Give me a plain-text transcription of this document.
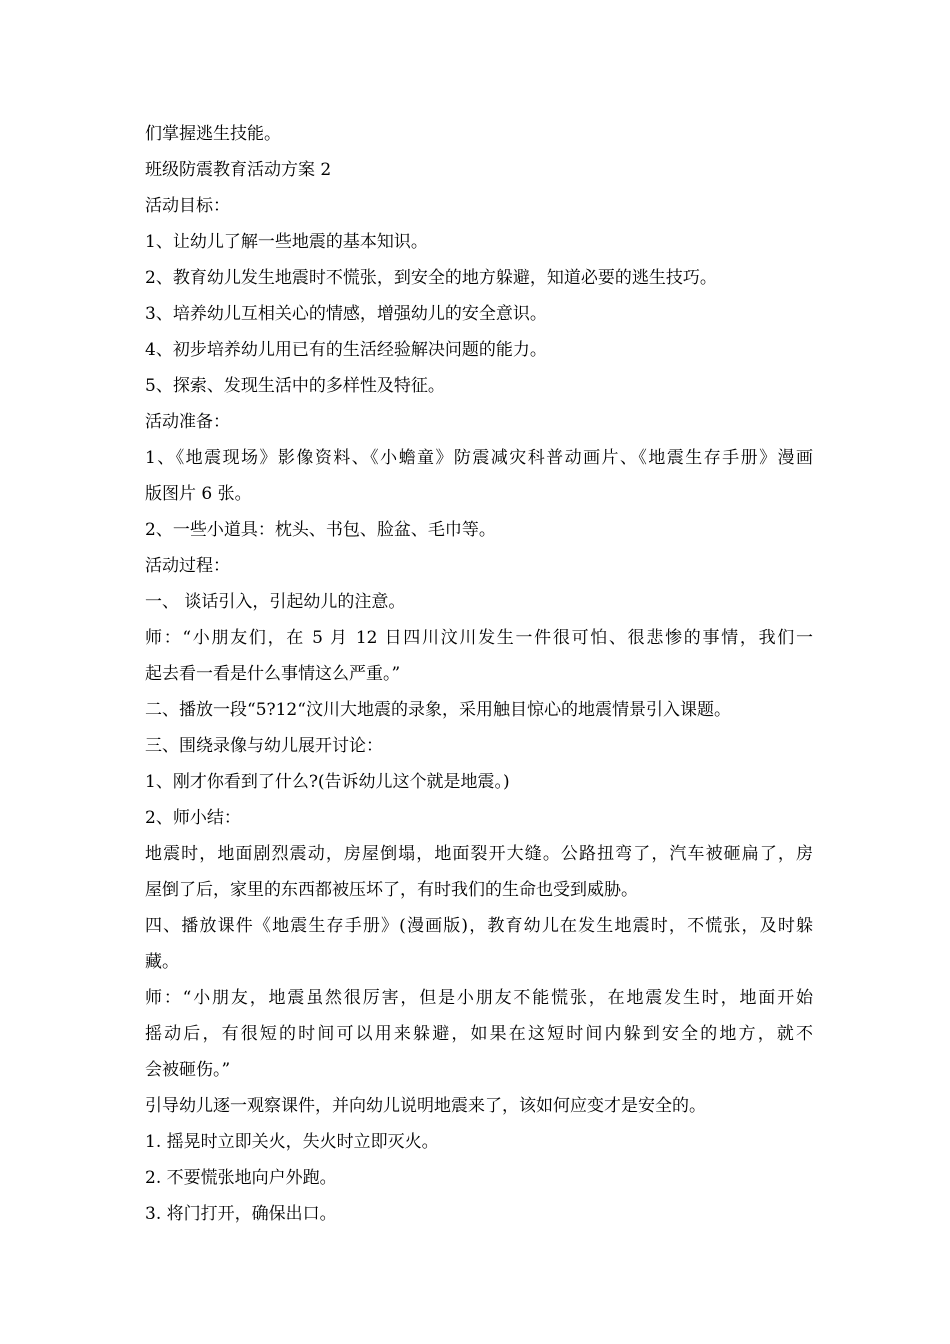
们掌握逃生技能。
班级防震教育活动方案 2
活动目标：
1、让幼儿了解一些地震的基本知识。
2、教育幼儿发生地震时不慌张，到安全的地方躲避，知道必要的逃生技巧。
3、培养幼儿互相关心的情感，增强幼儿的安全意识。
4、初步培养幼儿用已有的生活经验解决问题的能力。
5、探索、发现生活中的多样性及特征。
活动准备：
1、《地震现场》影像资料、《小蟾童》防震减灾科普动画片、《地震生存手册》漫画
版图片 6 张。
2、一些小道具：枕头、书包、脸盆、毛巾等。
活动过程：
一、 谈话引入，引起幼儿的注意。
师：“小朋友们，在 5 月 12 日四川汶川发生一件很可怕、很悲惨的事情，我们一
起去看一看是什么事情这么严重。”
二、播放一段“5?12“汶川大地震的录象，采用触目惊心的地震情景引入课题。
三、围绕录像与幼儿展开讨论：
1、刚才你看到了什么?(告诉幼儿这个就是地震。)
2、师小结：
地震时，地面剧烈震动，房屋倒塌，地面裂开大缝。公路扭弯了，汽车被砸扁了，房
屋倒了后，家里的东西都被压坏了，有时我们的生命也受到威胁。
四、播放课件《地震生存手册》(漫画版)，教育幼儿在发生地震时，不慌张，及时躲
藏。
师：“小朋友，地震虽然很厉害，但是小朋友不能慌张，在地震发生时，地面开始
摇动后，有很短的时间可以用来躲避，如果在这短时间内躲到安全的地方，就不
会被砸伤。”
引导幼儿逐一观察课件，并向幼儿说明地震来了，该如何应变才是安全的。
1. 摇晃时立即关火，失火时立即灭火。
2. 不要慌张地向户外跑。
3. 将门打开，确保出口。
